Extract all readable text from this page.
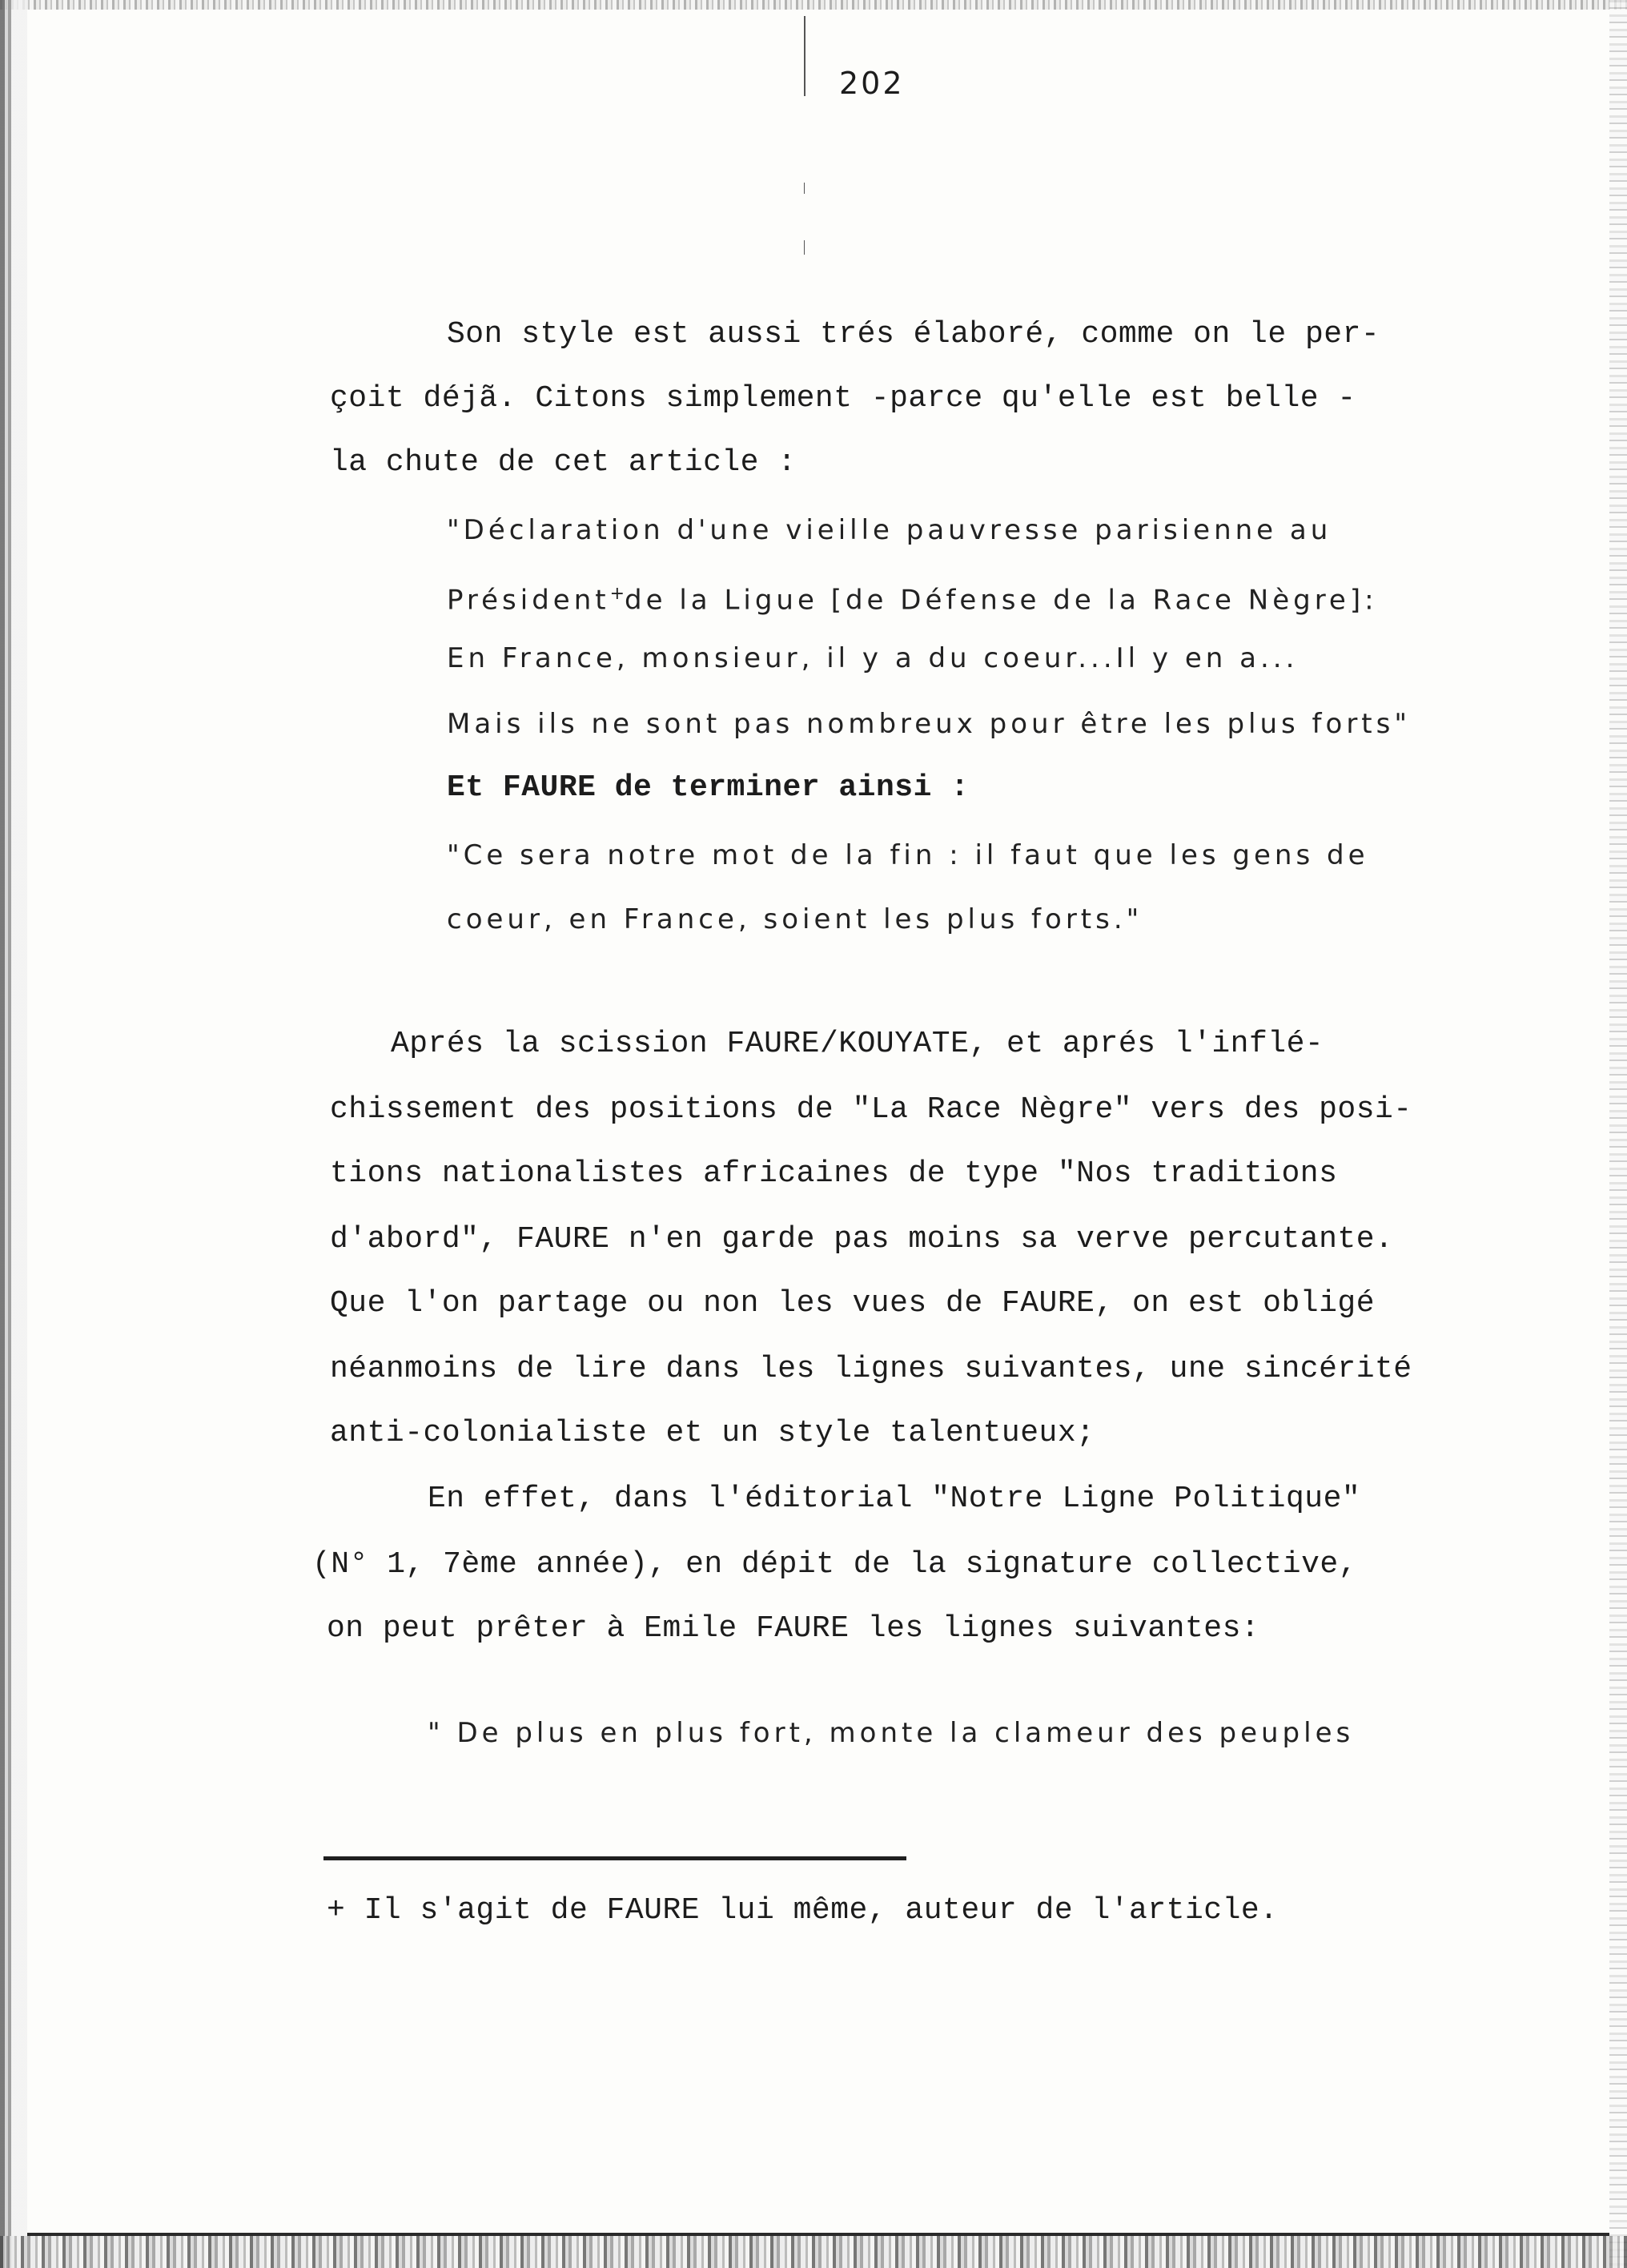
202
Son style est aussi trés élaboré, comme on le per-
çoit déjã. Citons simplement -parce qu'elle est belle -
la chute de cet article :
"Déclaration d'une vieille pauvresse parisienne au
Président+de la Ligue [de Défense de la Race Nègre]:
En France, monsieur, il y a du coeur...Il y en a...
Mais ils ne sont pas nombreux pour être les plus forts"
Et FAURE de terminer ainsi :
"Ce sera notre mot de la fin : il faut que les gens de
coeur, en France, soient les plus forts."
Aprés la scission FAURE/KOUYATE, et aprés l'inflé-
chissement des positions de "La Race Nègre" vers des posi-
tions nationalistes africaines de type "Nos traditions
d'abord", FAURE n'en garde pas moins sa verve percutante.
Que l'on partage ou non les vues de FAURE, on est obligé
néanmoins de lire dans les lignes suivantes, une sincérité
anti-colonialiste et un style talentueux;
En effet, dans l'éditorial "Notre Ligne Politique"
(N° 1, 7ème année), en dépit de la signature collective,
on peut prêter à Emile FAURE les lignes suivantes:
" De plus en plus fort, monte la clameur des peuples
+ Il s'agit de FAURE lui même, auteur de l'article.
